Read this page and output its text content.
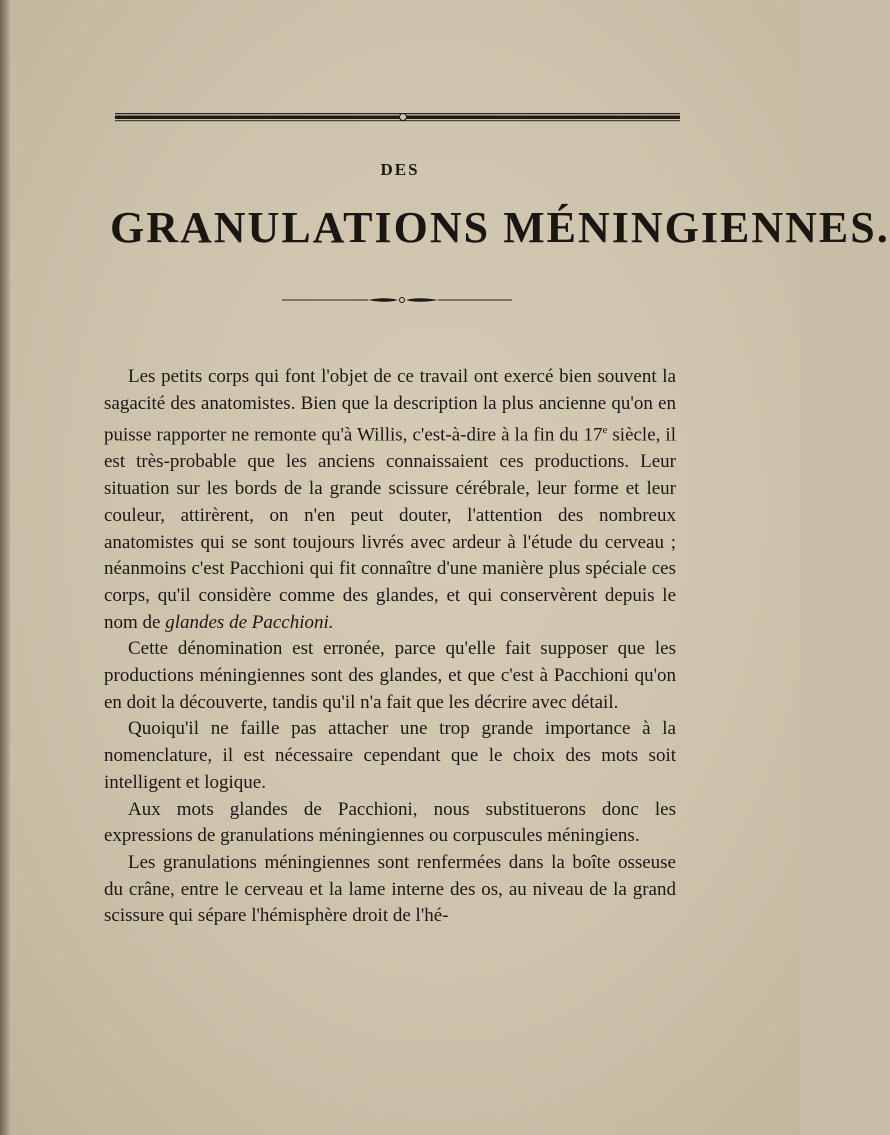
DES
GRANULATIONS MÉNINGIENNES.

Les petits corps qui font l'objet de ce travail ont exercé bien souvent la sagacité des anatomistes. Bien que la description la plus ancienne qu'on en puisse rapporter ne remonte qu'à Willis, c'est-à-dire à la fin du 17e siècle, il est très-probable que les anciens connaissaient ces productions. Leur situation sur les bords de la grande scissure cérébrale, leur forme et leur couleur, attirèrent, on n'en peut douter, l'attention des nombreux anatomistes qui se sont toujours livrés avec ardeur à l'étude du cerveau ; néanmoins c'est Pacchioni qui fit connaître d'une manière plus spéciale ces corps, qu'il considère comme des glandes, et qui conservèrent depuis le nom de glandes de Pacchioni.

Cette dénomination est erronée, parce qu'elle fait supposer que les productions méningiennes sont des glandes, et que c'est à Pacchioni qu'on en doit la découverte, tandis qu'il n'a fait que les décrire avec détail.

Quoiqu'il ne faille pas attacher une trop grande importance à la nomenclature, il est nécessaire cependant que le choix des mots soit intelligent et logique.

Aux mots glandes de Pacchioni, nous substituerons donc les expressions de granulations méningiennes ou corpuscules méningiens.

Les granulations méningiennes sont renfermées dans la boîte osseuse du crâne, entre le cerveau et la lame interne des os, au niveau de la grand scissure qui sépare l'hémisphère droit de l'hé-
